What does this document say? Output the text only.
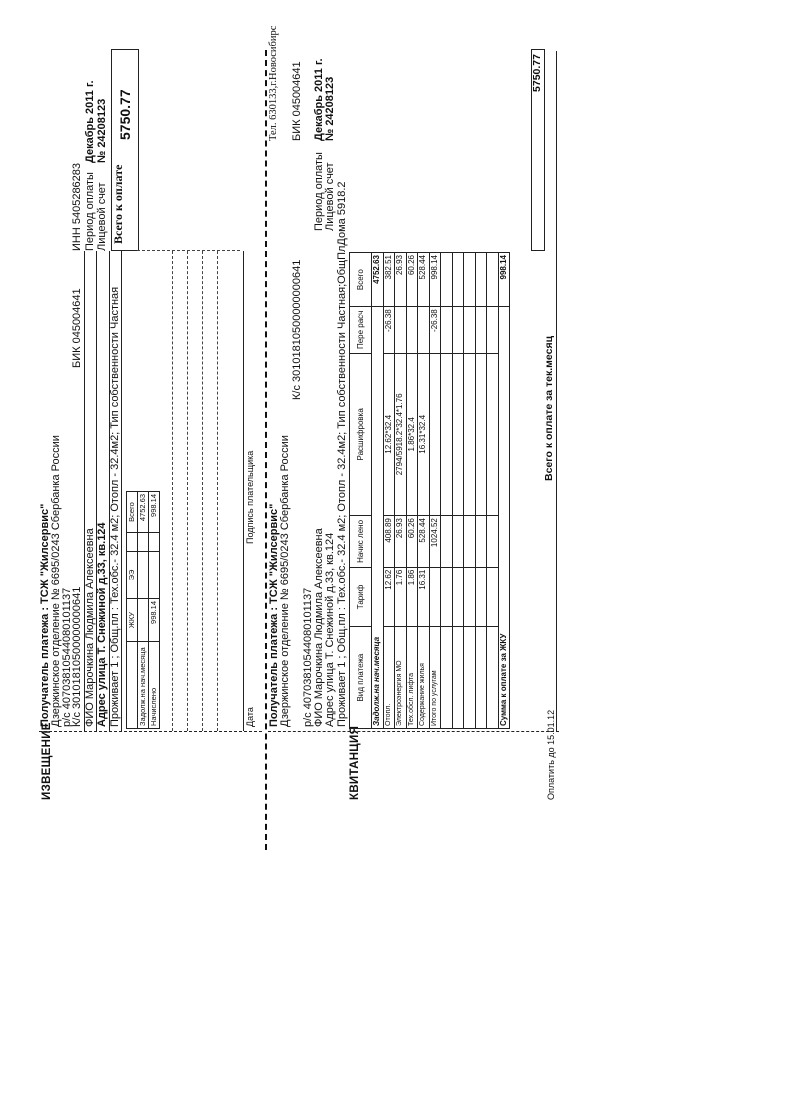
ИЗВЕЩЕНИЕ
Получатель платежа : ТСЖ "Жилсервис" Дзержинское отделение № 6695/0243 Сбербанка России р/с 40703810544080101137
К/с 30101810500000000641
БИК 045004641
ИНН 5405286283
ФИО Марочкина Людмила Алексеевна
Период оплаты
Декабрь 2011 г.
Адрес улица Т. Снежиной д.33, кв.124
Лицевой счет
№ 24208123
Проживает 1 ; Общ.пл : Тех.обс.- 32.4 м2; Отопл - 32.4м2; Тип собственности Частная
Всего к оплате
5750.77
	ЖКУ	ЭЭ		Всего
Задолж.на нач.месяца				4752.63
Начислено	998.14			998.14
Дата
Подпись плательщика
КВИТАНЦИЯ	Оплатить до 15.01.12
Получатель платежа : ТСЖ "Жилсервис"
Тел. 630133,г.Новосибирс
Дзержинское отделение № 6695/0243 Сбербанка России
К/с 30101810500000000641
БИК 045004641
р/с 40703810544080101137 ФИО Марочкина Людмила Алексеевна
Период оплаты
Декабрь 2011 г.
Адрес улица Т. Снежиной д.33, кв.124
Лицевой счет
№ 24208123
Проживает 1 ; Общ.пл : Тех.обс.- 32.4 м2; Отопл - 32.4м2; Тип собственности Частная;ОбщПлДома 5918.2 Вид платежа	Тариф	Начис лено	Расшифровка	Пере расч	Всего
Задолж.на нач.месяца					4752.63
Отопл.	12.62	408.89	12.62*32.4	-26.38	382.51
Электроэнергия МО	1.76	26.93	2794/5918.2*32.4*1.76		26.93
Тех.обсл. лифта	1.86	60.26	1.86*32.4		60.26
Содержание жилья	16.31	528.44	16.31*32.4		528.44
Итого по услугам		1024.52		-26.38	998.14

Сумма к оплате за ЖКУ					998.14
Всего к оплате за тек.месяц
5750.77
